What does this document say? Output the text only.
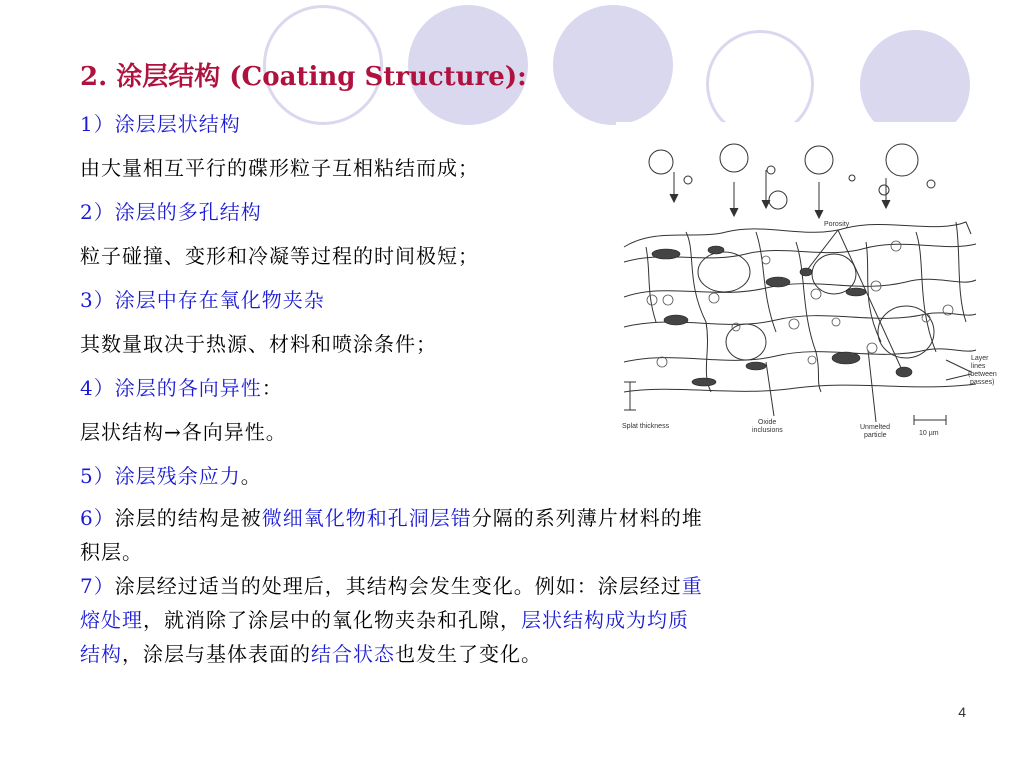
2. 涂层结构 (Coating Structure):
1）涂层层状结构
由大量相互平行的碟形粒子互相粘结而成；
2）涂层的多孔结构
粒子碰撞、变形和冷凝等过程的时间极短；
3）涂层中存在氧化物夹杂
其数量取决于热源、材料和喷涂条件；
4）涂层的各向异性：
层状结构→各向异性。
5）涂层残余应力。
6）涂层的结构是被微细氧化物和孔洞层错分隔的系列薄片材料的堆
积层。
7）涂层经过适当的处理后，其结构会发生变化。例如：涂层经过重
熔处理，就消除了涂层中的氧化物夹杂和孔隙，层状结构成为均质
结构，涂层与基体表面的结合状态也发生了变化。
Porosity
Layer
lines
(between
passes)
Splat thickness
Oxide
inclusions	Unmelted
particle	10 µm
4
